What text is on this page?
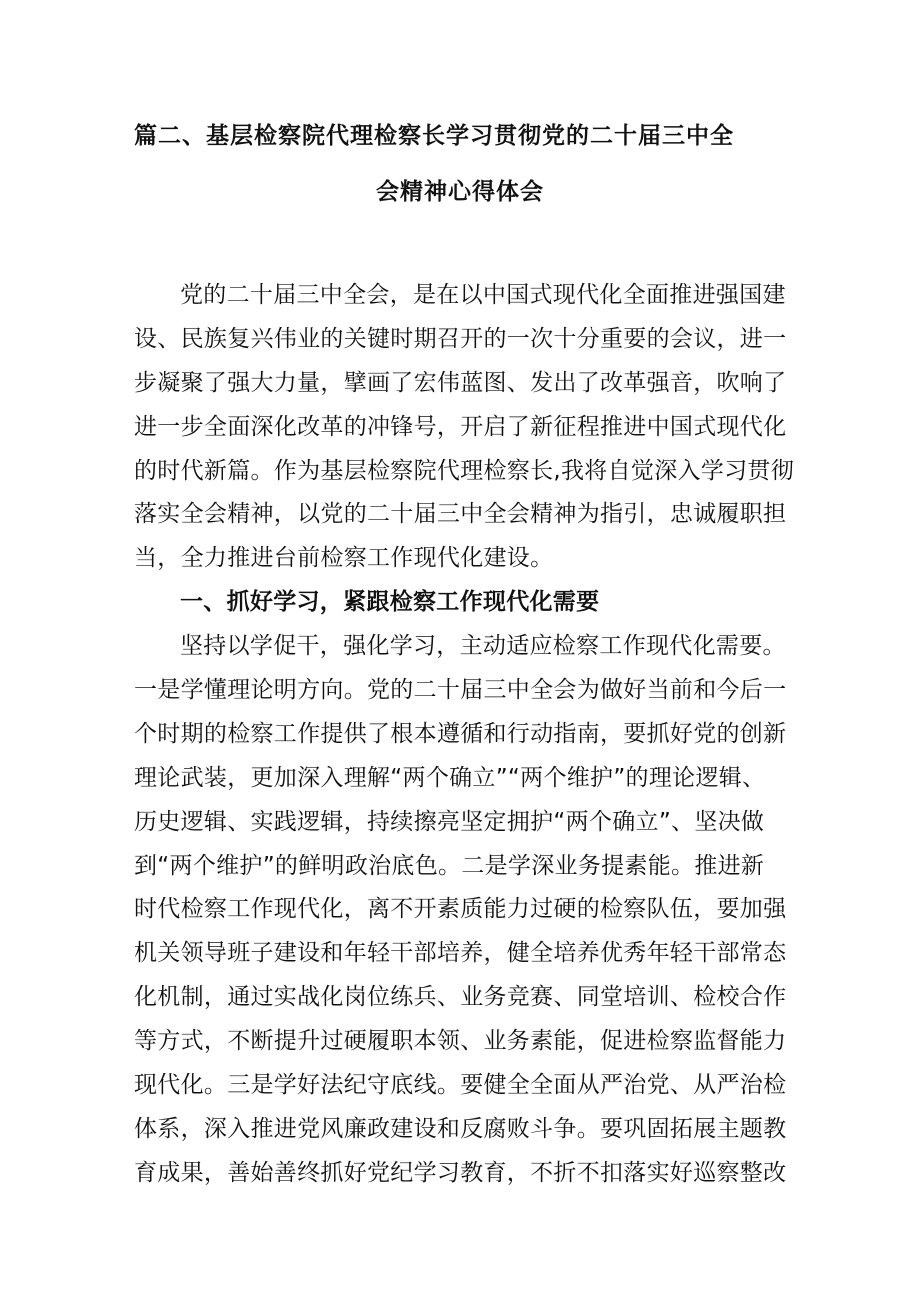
篇二、基层检察院代理检察长学习贯彻党的二十届三中全
会精神心得体会
党的二十届三中全会，是在以中国式现代化全面推进强国建
设、民族复兴伟业的关键时期召开的一次十分重要的会议，进一
步凝聚了强大力量，擘画了宏伟蓝图、发出了改革强音，吹响了
进一步全面深化改革的冲锋号，开启了新征程推进中国式现代化
的时代新篇。作为基层检察院代理检察长,我将自觉深入学习贯彻
落实全会精神，以党的二十届三中全会精神为指引，忠诚履职担
当，全力推进台前检察工作现代化建设。
一、抓好学习，紧跟检察工作现代化需要
坚持以学促干，强化学习，主动适应检察工作现代化需要。
一是学懂理论明方向。党的二十届三中全会为做好当前和今后一
个时期的检察工作提供了根本遵循和行动指南，要抓好党的创新
理论武装，更加深入理解“两个确立”“两个维护”的理论逻辑、
历史逻辑、实践逻辑，持续擦亮坚定拥护“两个确立”、坚决做
到“两个维护”的鲜明政治底色。二是学深业务提素能。推进新
时代检察工作现代化，离不开素质能力过硬的检察队伍，要加强
机关领导班子建设和年轻干部培养，健全培养优秀年轻干部常态
化机制，通过实战化岗位练兵、业务竞赛、同堂培训、检校合作
等方式，不断提升过硬履职本领、业务素能，促进检察监督能力
现代化。三是学好法纪守底线。要健全全面从严治党、从严治检
体系，深入推进党风廉政建设和反腐败斗争。要巩固拓展主题教
育成果，善始善终抓好党纪学习教育，不折不扣落实好巡察整改
